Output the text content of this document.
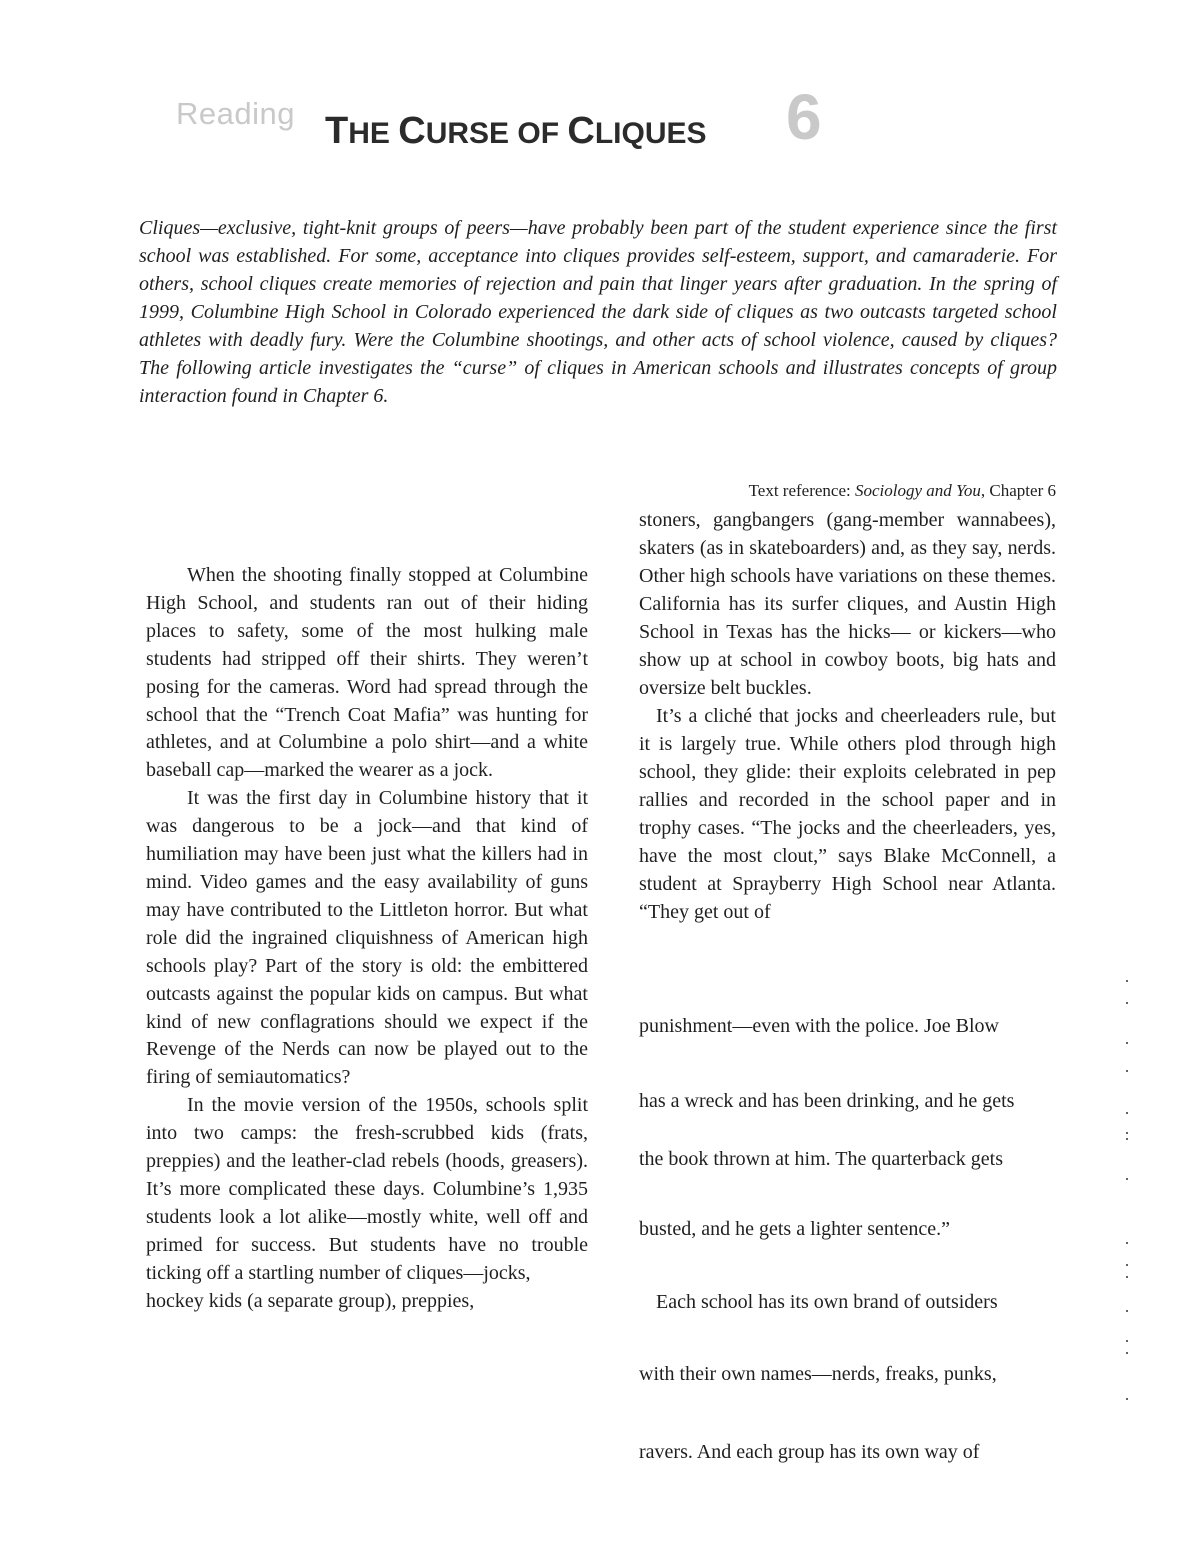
Reading THE CURSE OF CLIQUES 6

Cliques—exclusive, tight-knit groups of peers—have probably been part of the student experience since the first school was established. For some, acceptance into cliques provides self-esteem, support, and camaraderie. For others, school cliques create memories of rejection and pain that linger years after graduation. In the spring of 1999, Columbine High School in Colorado experienced the dark side of cliques as two outcasts targeted school athletes with deadly fury. Were the Columbine shootings, and other acts of school violence, caused by cliques? The following article investigates the “curse” of cliques in American schools and illustrates concepts of group interaction found in Chapter 6.

Text reference: Sociology and You, Chapter 6

When the shooting finally stopped at Columbine High School, and students ran out of their hiding places to safety, some of the most hulking male students had stripped off their shirts. They weren’t posing for the cameras. Word had spread through the school that the “Trench Coat Mafia” was hunting for athletes, and at Columbine a polo shirt—and a white baseball cap—marked the wearer as a jock.

It was the first day in Columbine history that it was dangerous to be a jock—and that kind of humiliation may have been just what the killers had in mind. Video games and the easy availability of guns may have contributed to the Littleton horror. But what role did the ingrained cliquishness of American high schools play? Part of the story is old: the embittered outcasts against the popular kids on campus. But what kind of new conflagrations should we expect if the Revenge of the Nerds can now be played out to the firing of semiautomatics?

In the movie version of the 1950s, schools split into two camps: the fresh-scrubbed kids (frats, preppies) and the leather-clad rebels (hoods, greasers). It’s more complicated these days. Columbine’s 1,935 students look a lot alike—mostly white, well off and primed for success. But students have no trouble ticking off a startling number of cliques—jocks,

hockey kids (a separate group), preppies,

stoners, gangbangers (gang-member wannabees), skaters (as in skateboarders) and, as they say, nerds. Other high schools have variations on these themes. California has its surfer cliques, and Austin High School in Texas has the hicks— or kickers—who show up at school in cowboy boots, big hats and oversize belt buckles.

It’s a cliché that jocks and cheerleaders rule, but it is largely true. While others plod through high school, they glide: their exploits celebrated in pep rallies and recorded in the school paper and in trophy cases. “The jocks and the cheerleaders, yes, have the most clout,” says Blake McConnell, a student at Sprayberry High School near Atlanta. “They get out of

punishment—even with the police. Joe Blow
has a wreck and has been drinking, and he gets
the book thrown at him. The quarterback gets
busted, and he gets a lighter sentence.”
Each school has its own brand of outsiders
with their own names—nerds, freaks, punks,
ravers. And each group has its own way of
